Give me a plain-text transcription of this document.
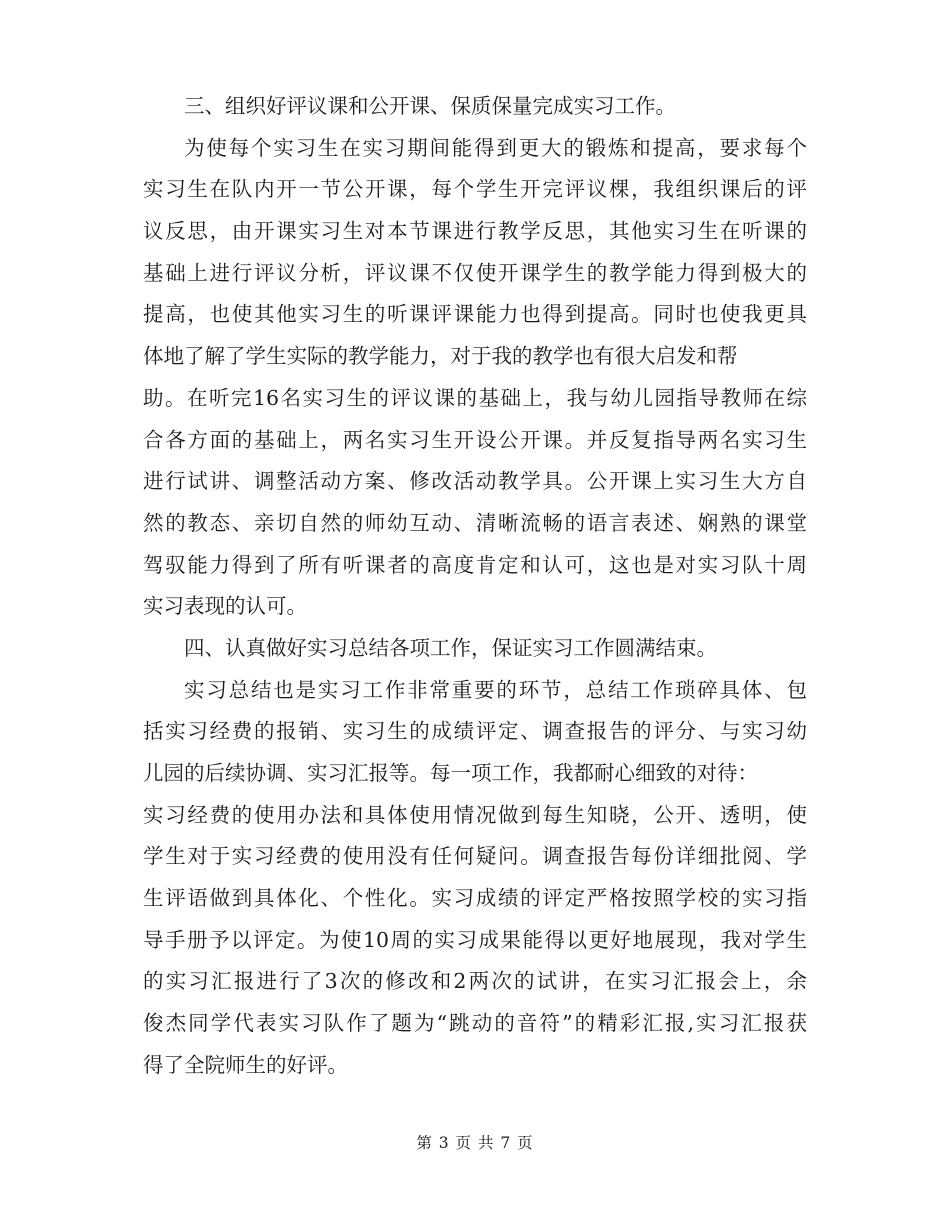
三、组织好评议课和公开课、保质保量完成实习工作。
为使每个实习生在实习期间能得到更大的锻炼和提高，要求每个
实习生在队内开一节公开课，每个学生开完评议棵，我组织课后的评
议反思，由开课实习生对本节课进行教学反思，其他实习生在听课的
基础上进行评议分析，评议课不仅使开课学生的教学能力得到极大的
提高，也使其他实习生的听课评课能力也得到提高。同时也使我更具
体地了解了学生实际的教学能力，对于我的教学也有很大启发和帮
助。在听完16名实习生的评议课的基础上，我与幼儿园指导教师在综
合各方面的基础上，两名实习生开设公开课。并反复指导两名实习生
进行试讲、调整活动方案、修改活动教学具。公开课上实习生大方自
然的教态、亲切自然的师幼互动、清晰流畅的语言表述、娴熟的课堂
驾驭能力得到了所有听课者的高度肯定和认可，这也是对实习队十周
实习表现的认可。
四、认真做好实习总结各项工作，保证实习工作圆满结束。
实习总结也是实习工作非常重要的环节，总结工作琐碎具体、包
括实习经费的报销、实习生的成绩评定、调查报告的评分、与实习幼
儿园的后续协调、实习汇报等。每一项工作，我都耐心细致的对待：
实习经费的使用办法和具体使用情况做到每生知晓，公开、透明，使
学生对于实习经费的使用没有任何疑问。调查报告每份详细批阅、学
生评语做到具体化、个性化。实习成绩的评定严格按照学校的实习指
导手册予以评定。为使10周的实习成果能得以更好地展现，我对学生
的实习汇报进行了3次的修改和2两次的试讲，在实习汇报会上，余
俊杰同学代表实习队作了题为“跳动的音符”的精彩汇报,实习汇报获
得了全院师生的好评。
第 3 页 共 7 页
